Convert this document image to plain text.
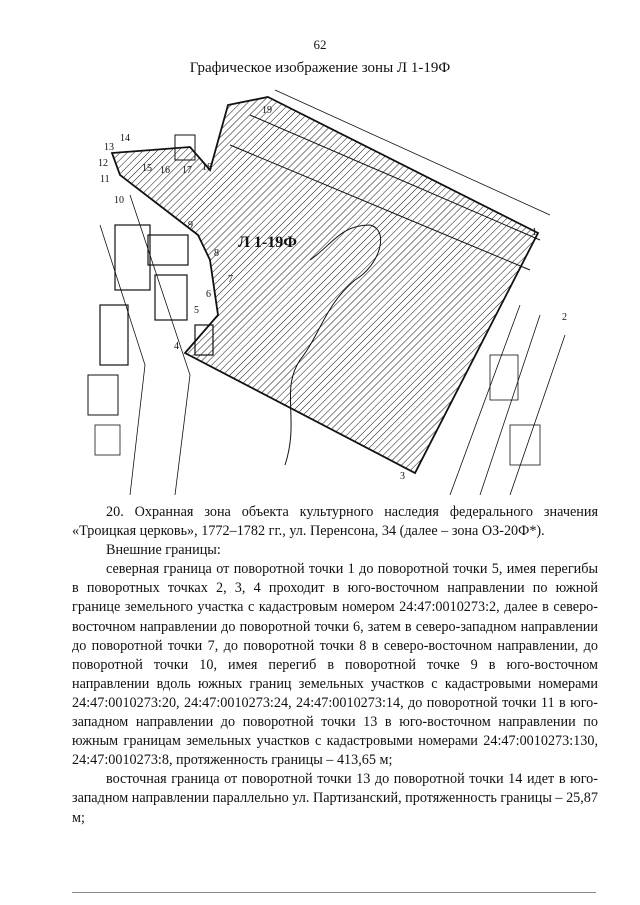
62
Графическое изображение зоны Л 1-19Ф
Л 1-19Ф
1
2
3
4
5
6
7
8
9
10
11
12
13
14
15 16 17 18
19

20. Охранная зона объекта культурного наследия федерального значения «Троицкая церковь», 1772–1782 гг., ул. Перенсона, 34 (далее – зона ОЗ-20Ф*).

Внешние границы:

северная граница от поворотной точки 1 до поворотной точки 5, имея перегибы в поворотных точках 2, 3, 4 проходит в юго-восточном направлении по южной границе земельного участка с кадастровым номером 24:47:0010273:2, далее в северо-восточном направлении до поворотной точки 6, затем в северо-западном направлении до поворотной точки 7, до поворотной точки 8 в северо-восточном направлении, до поворотной точки 10, имея перегиб в поворотной точке 9 в юго-восточном направлении вдоль южных границ земельных участков с кадастровыми номерами 24:47:0010273:20, 24:47:0010273:24, 24:47:0010273:14, до поворотной точки 11 в юго-западном направлении до поворотной точки 13 в юго-восточном направлении по южным границам земельных участков с кадастровыми номерами 24:47:0010273:130, 24:47:0010273:8, протяженность границы – 413,65 м;

восточная граница от поворотной точки 13 до поворотной точки 14 идет в юго-западном направлении параллельно ул. Партизанский, протяженность границы – 25,87 м;
